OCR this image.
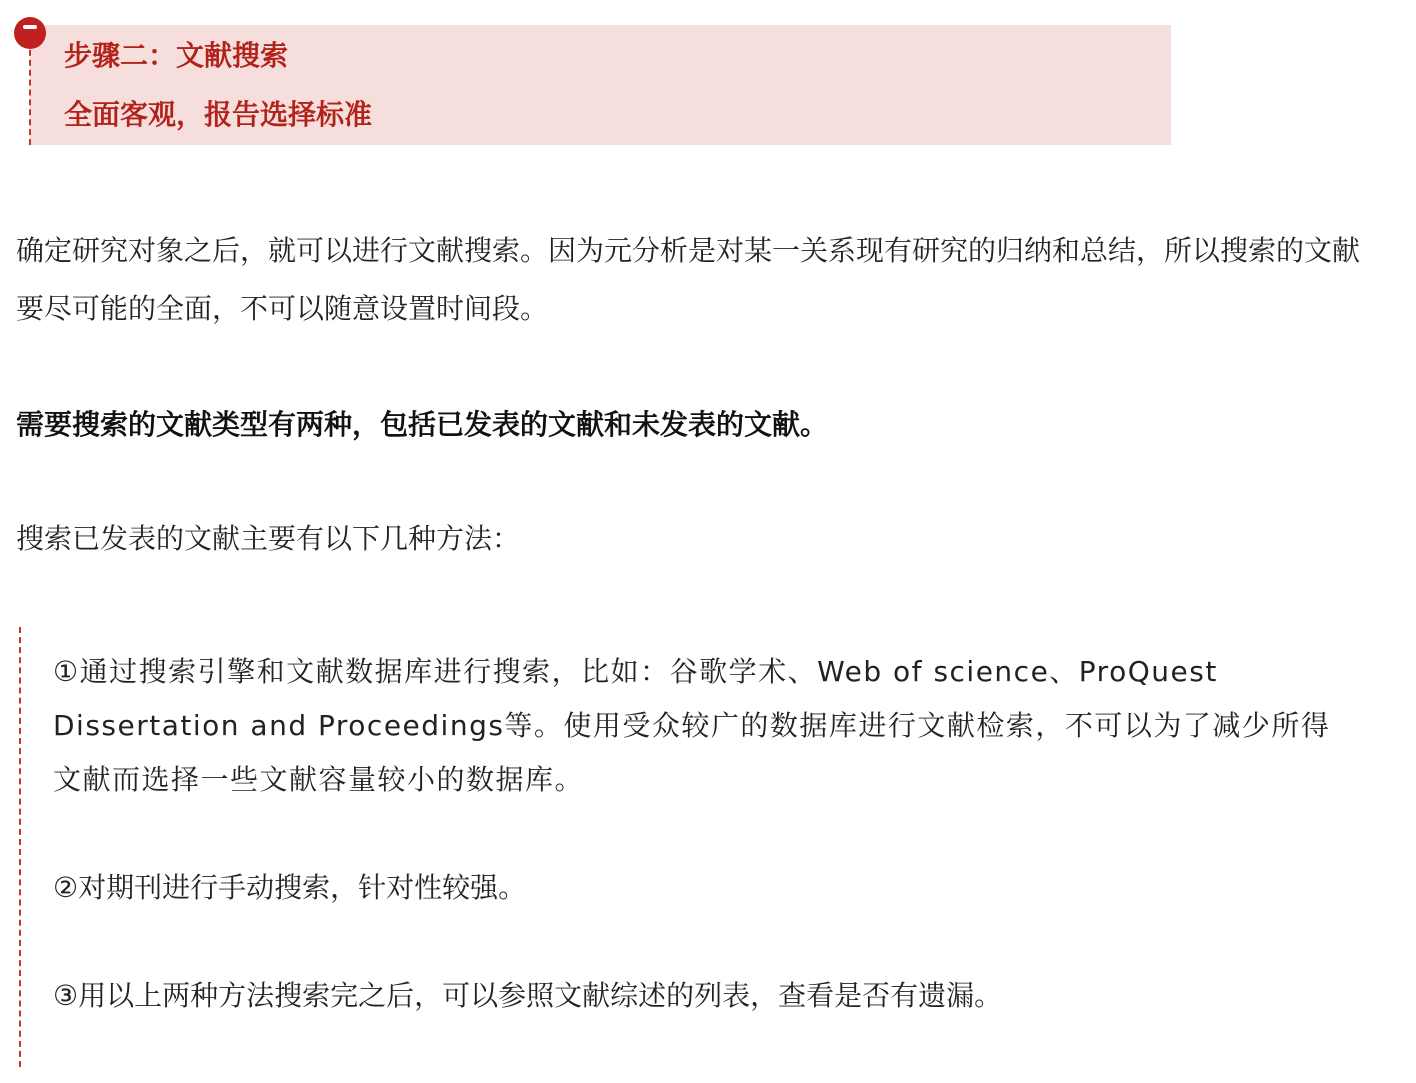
步骤二：文献搜索
全面客观，报告选择标准

确定研究对象之后，就可以进行文献搜索。因为元分析是对某一关系现有研究的归纳和总结，所以搜索的文献要尽可能的全面，不可以随意设置时间段。

需要搜索的文献类型有两种，包括已发表的文献和未发表的文献。

搜索已发表的文献主要有以下几种方法：

①通过搜索引擎和文献数据库进行搜索，比如：谷歌学术、Web of science、ProQuest Dissertation and Proceedings等。使用受众较广的数据库进行文献检索，不可以为了减少所得文献而选择一些文献容量较小的数据库。

②对期刊进行手动搜索，针对性较强。

③用以上两种方法搜索完之后，可以参照文献综述的列表，查看是否有遗漏。
